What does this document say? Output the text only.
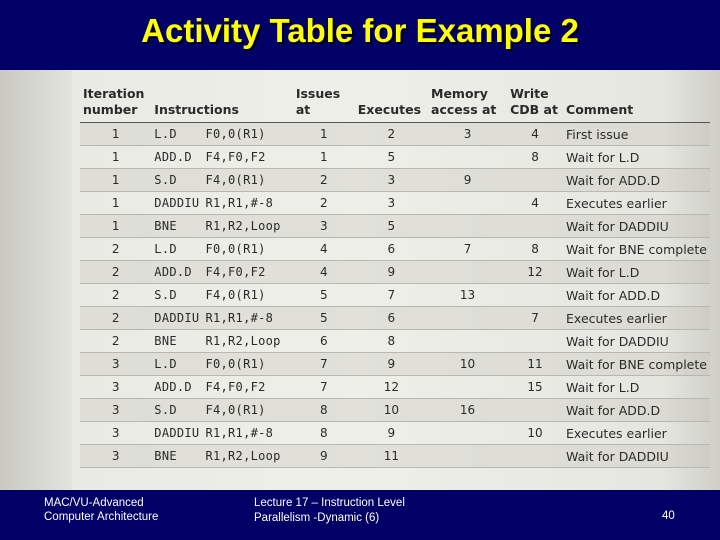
Activity Table for Example 2
Iteration number	Instructions		Issues at	Executes	Memory access at	Write CDB at	Comment
1	L.D	F0,0(R1)	1	2	3	4	First issue
1	ADD.D	F4,F0,F2	1	5		8	Wait for L.D
1	S.D	F4,0(R1)	2	3	9		Wait for ADD.D
1	DADDIU	R1,R1,#-8	2	3		4	Executes earlier
1	BNE	R1,R2,Loop	3	5			Wait for DADDIU
2	L.D	F0,0(R1)	4	6	7	8	Wait for BNE complete
2	ADD.D	F4,F0,F2	4	9		12	Wait for L.D
2	S.D	F4,0(R1)	5	7	13		Wait for ADD.D
2	DADDIU	R1,R1,#-8	5	6		7	Executes earlier
2	BNE	R1,R2,Loop	6	8			Wait for DADDIU
3	L.D	F0,0(R1)	7	9	10	11	Wait for BNE complete
3	ADD.D	F4,F0,F2	7	12		15	Wait for L.D
3	S.D	F4,0(R1)	8	10	16		Wait for ADD.D
3	DADDIU	R1,R1,#-8	8	9		10	Executes earlier
3	BNE	R1,R2,Loop	9	11			Wait for DADDIU
MAC/VU-Advanced
Computer Architecture
Lecture 17 – Instruction Level
Parallelism -Dynamic (6)	40
